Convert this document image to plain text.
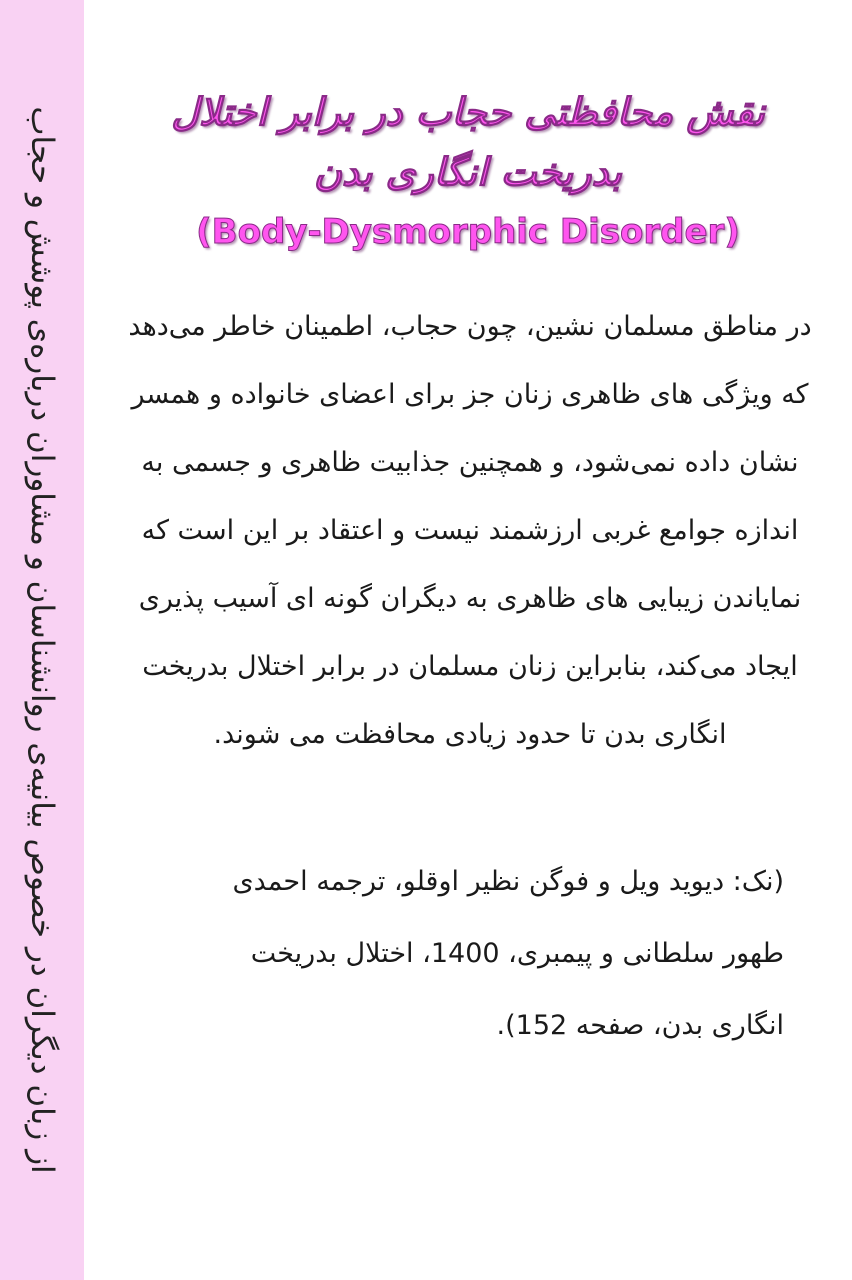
از زبان دیگران در خصوص بیانیه‌ی روانشناسان و مشاوران درباره‌ی پوشش و حجاب	نقش محافظتی حجاب در برابر اختلال
بدریخت انگاری بدن
(Body-Dysmorphic Disorder)
در مناطق مسلمان نشین، چون حجاب، اطمینان خاطر می‌دهد
که ویژگی های ظاهری زنان جز برای اعضای خانواده و همسر
نشان داده نمی‌شود، و همچنین جذابیت ظاهری و جسمی به
اندازه جوامع غربی ارزشمند نیست و اعتقاد بر این است که
نمایاندن زیبایی های ظاهری به دیگران گونه ای آسیب پذیری
ایجاد می‌کند، بنابراین زنان مسلمان در برابر اختلال بدریخت
انگاری بدن تا حدود زیادی محافظت می شوند.
(نک: دیوید ویل و فوگن نظیر اوقلو، ترجمه احمدی
طهور سلطانی و پیمبری، 1400، اختلال بدریخت
انگاری بدن، صفحه 152).
